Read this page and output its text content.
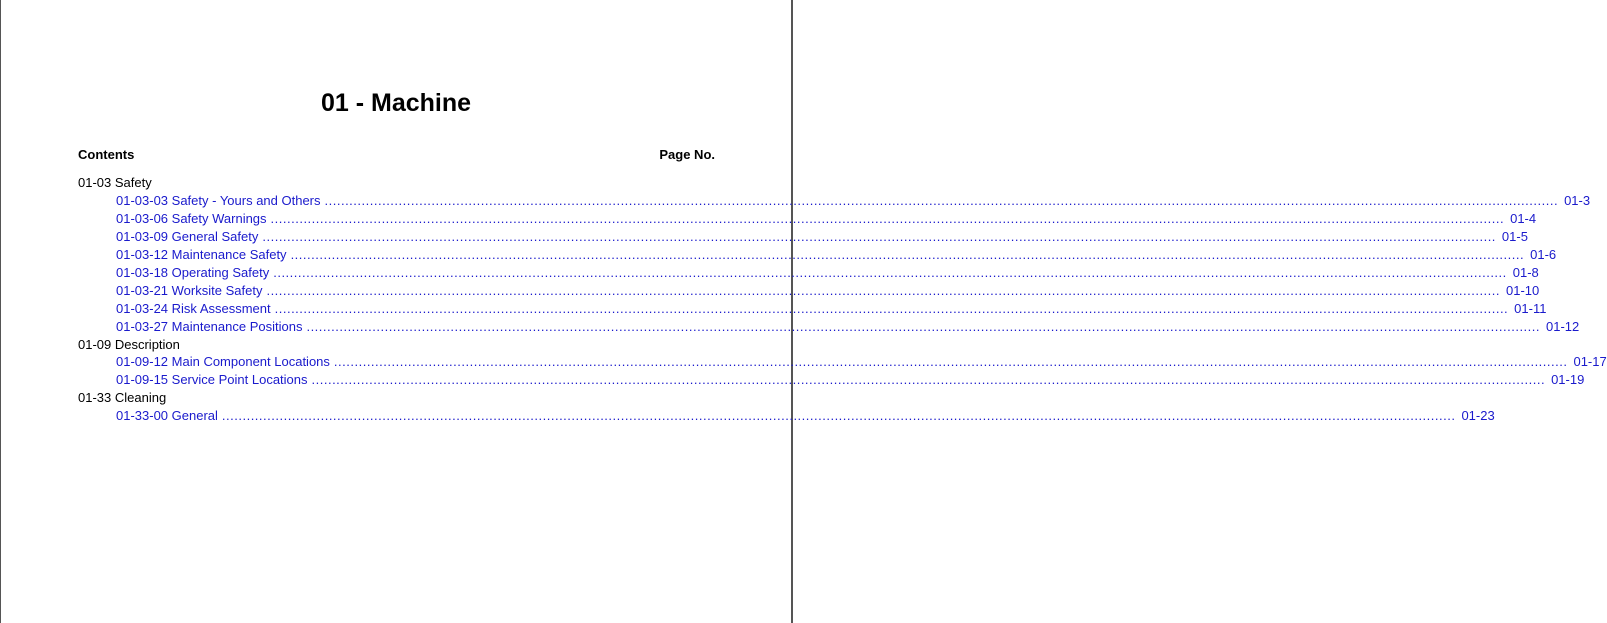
01 - Machine
Contents	Page No.
01-03 Safety
01-03-03 Safety - Yours and Others ............................................................................................................................................................................................................................................................................................................ 01-3
01-03-06 Safety Warnings ............................................................................................................................................................................................................................................................................................................ 01-4
01-03-09 General Safety ............................................................................................................................................................................................................................................................................................................ 01-5
01-03-12 Maintenance Safety ............................................................................................................................................................................................................................................................................................................ 01-6
01-03-18 Operating Safety ............................................................................................................................................................................................................................................................................................................ 01-8
01-03-21 Worksite Safety ............................................................................................................................................................................................................................................................................................................ 01-10
01-03-24 Risk Assessment ............................................................................................................................................................................................................................................................................................................ 01-11
01-03-27 Maintenance Positions ............................................................................................................................................................................................................................................................................................................ 01-12
01-09 Description
01-09-12 Main Component Locations ............................................................................................................................................................................................................................................................................................................ 01-17
01-09-15 Service Point Locations ............................................................................................................................................................................................................................................................................................................ 01-19
01-33 Cleaning
01-33-00 General ............................................................................................................................................................................................................................................................................................................ 01-23
